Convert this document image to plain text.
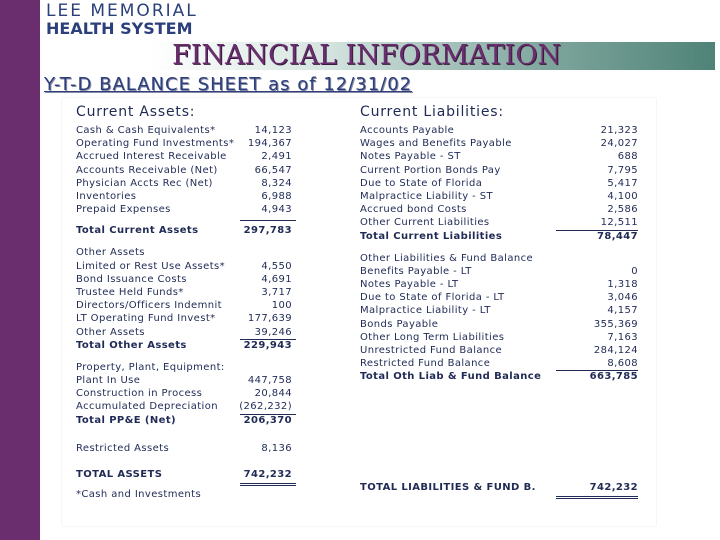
LEE MEMORIAL
HEALTH SYSTEM
FINANCIAL INFORMATION
Y-T-D BALANCE SHEET as of 12/31/02
Current Assets:	Current Liabilities:
Cash & Cash Equivalents*	14,123
Operating Fund Investments*	194,367
Accrued Interest Receivable	2,491
Accounts Receivable (Net)	66,547
Physician Accts Rec (Net)	8,324
Inventories	6,988
Prepaid Expenses	4,943
Total Current Assets	297,783
Other Assets
Limited or Rest Use Assets*	4,550
Bond Issuance Costs	4,691
Trustee Held Funds*	3,717
Directors/Officers Indemnit	100
LT Operating Fund Invest*	177,639
Other Assets	39,246
Total Other Assets	229,943
Property, Plant, Equipment:
Plant In Use	447,758
Construction in Process	20,844
Accumulated Depreciation	(262,232)
Total PP&E (Net)	206,370
Restricted Assets	8,136
TOTAL ASSETS	742,232
*Cash and Investments
Accounts Payable	21,323
Wages and Benefits Payable	24,027
Notes Payable - ST	688
Current Portion Bonds Pay	7,795
Due to State of Florida	5,417
Malpractice Liability - ST	4,100
Accrued bond Costs	2,586
Other Current Liabilities	12,511
Total Current Liabilities	78,447
Other Liabilities & Fund Balance
Benefits Payable - LT	0
Notes Payable - LT	1,318
Due to State of Florida - LT	3,046
Malpractice Liability - LT	4,157
Bonds Payable	355,369
Other Long Term Liabilities	7,163
Unrestricted Fund Balance	284,124
Restricted Fund Balance	8,608
Total Oth Liab & Fund Balance	663,785
TOTAL LIABILITIES & FUND B.	742,232
